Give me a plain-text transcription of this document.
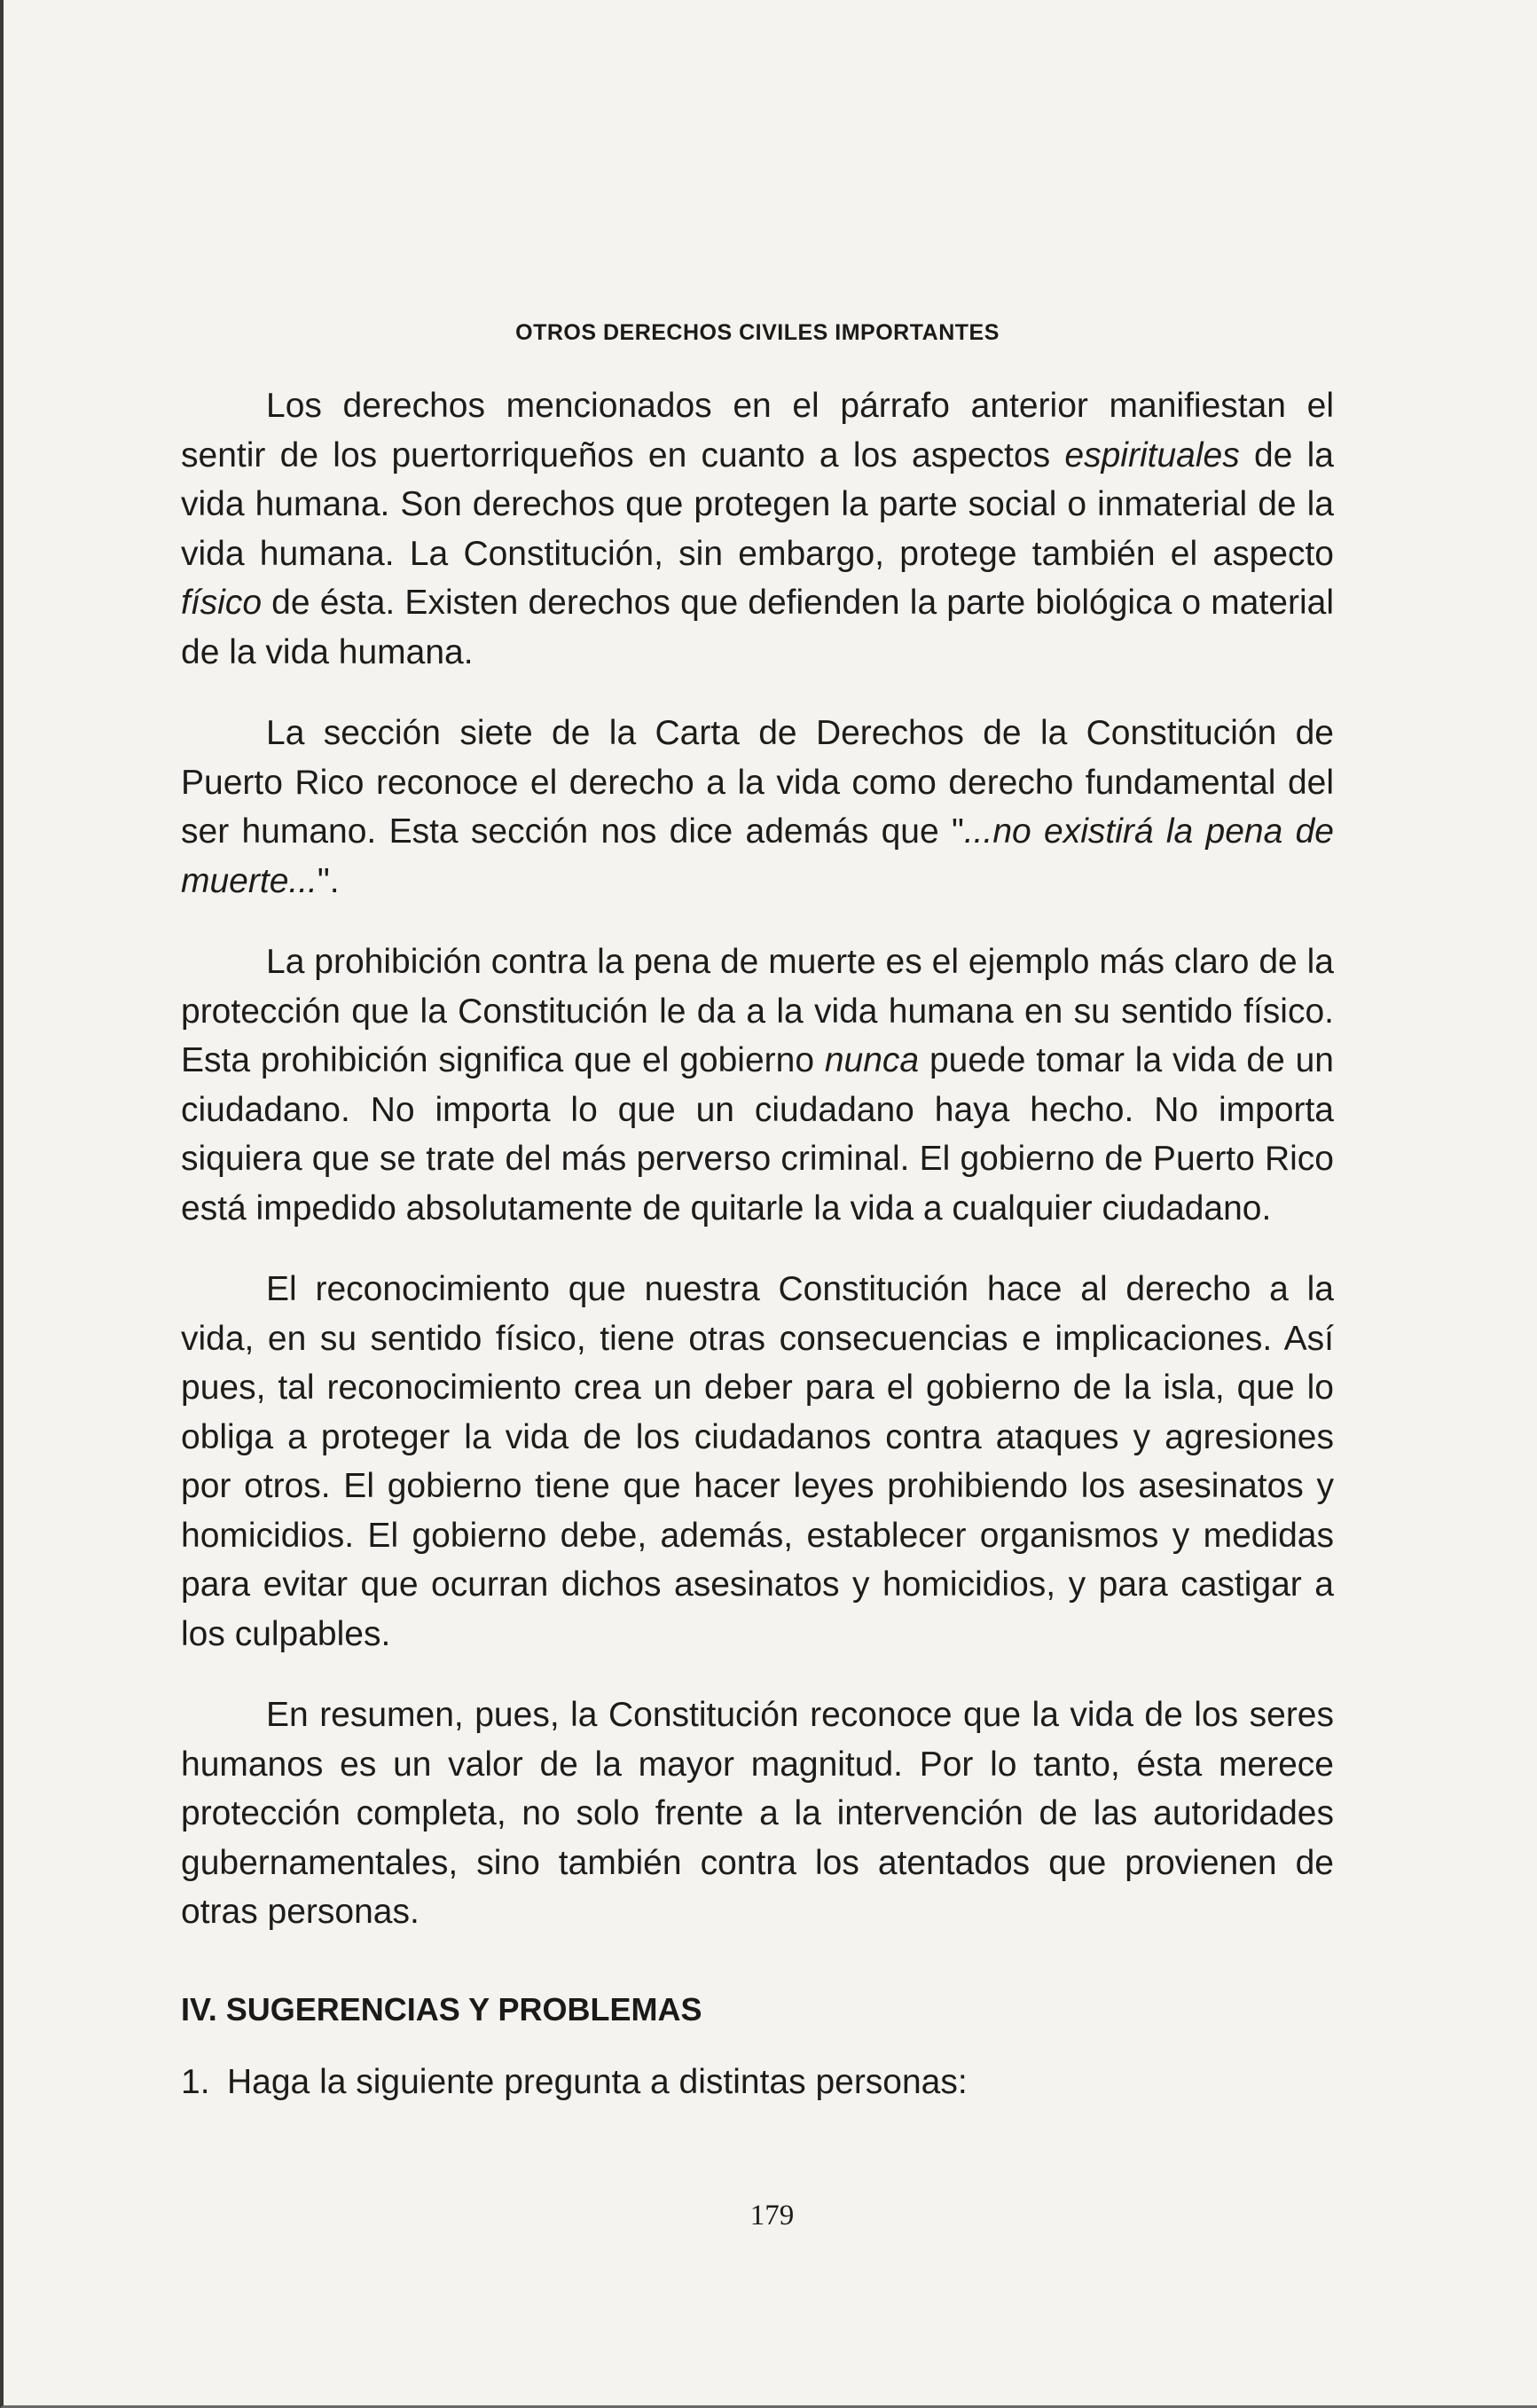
OTROS DERECHOS CIVILES IMPORTANTES

Los derechos mencionados en el párrafo anterior manifiestan el sentir de los puertorriqueños en cuanto a los aspectos espirituales de la vida humana. Son derechos que protegen la parte social o inmaterial de la vida humana. La Constitución, sin embargo, protege también el aspecto físico de ésta. Existen derechos que defienden la parte biológica o material de la vida humana.

La sección siete de la Carta de Derechos de la Constitución de Puerto Rico reconoce el derecho a la vida como derecho fundamental del ser humano. Esta sección nos dice además que "...no existirá la pena de muerte...".

La prohibición contra la pena de muerte es el ejemplo más claro de la protección que la Constitución le da a la vida humana en su sentido físico. Esta prohibición significa que el gobierno nunca puede tomar la vida de un ciudadano. No importa lo que un ciudadano haya hecho. No importa siquiera que se trate del más perverso criminal. El gobierno de Puerto Rico está impedido absolutamente de quitarle la vida a cualquier ciudadano.

El reconocimiento que nuestra Constitución hace al derecho a la vida, en su sentido físico, tiene otras consecuencias e implicaciones. Así pues, tal reconocimiento crea un deber para el gobierno de la isla, que lo obliga a proteger la vida de los ciudadanos contra ataques y agresiones por otros. El gobierno tiene que hacer leyes prohibiendo los asesinatos y homicidios. El gobierno debe, además, establecer organismos y medidas para evitar que ocurran dichos asesinatos y homicidios, y para castigar a los culpables.

En resumen, pues, la Constitución reconoce que la vida de los seres humanos es un valor de la mayor magnitud. Por lo tanto, ésta merece protección completa, no solo frente a la intervención de las autoridades gubernamentales, sino también contra los atentados que provienen de otras personas.

IV. SUGERENCIAS Y PROBLEMAS

1. Haga la siguiente pregunta a distintas personas:

179
